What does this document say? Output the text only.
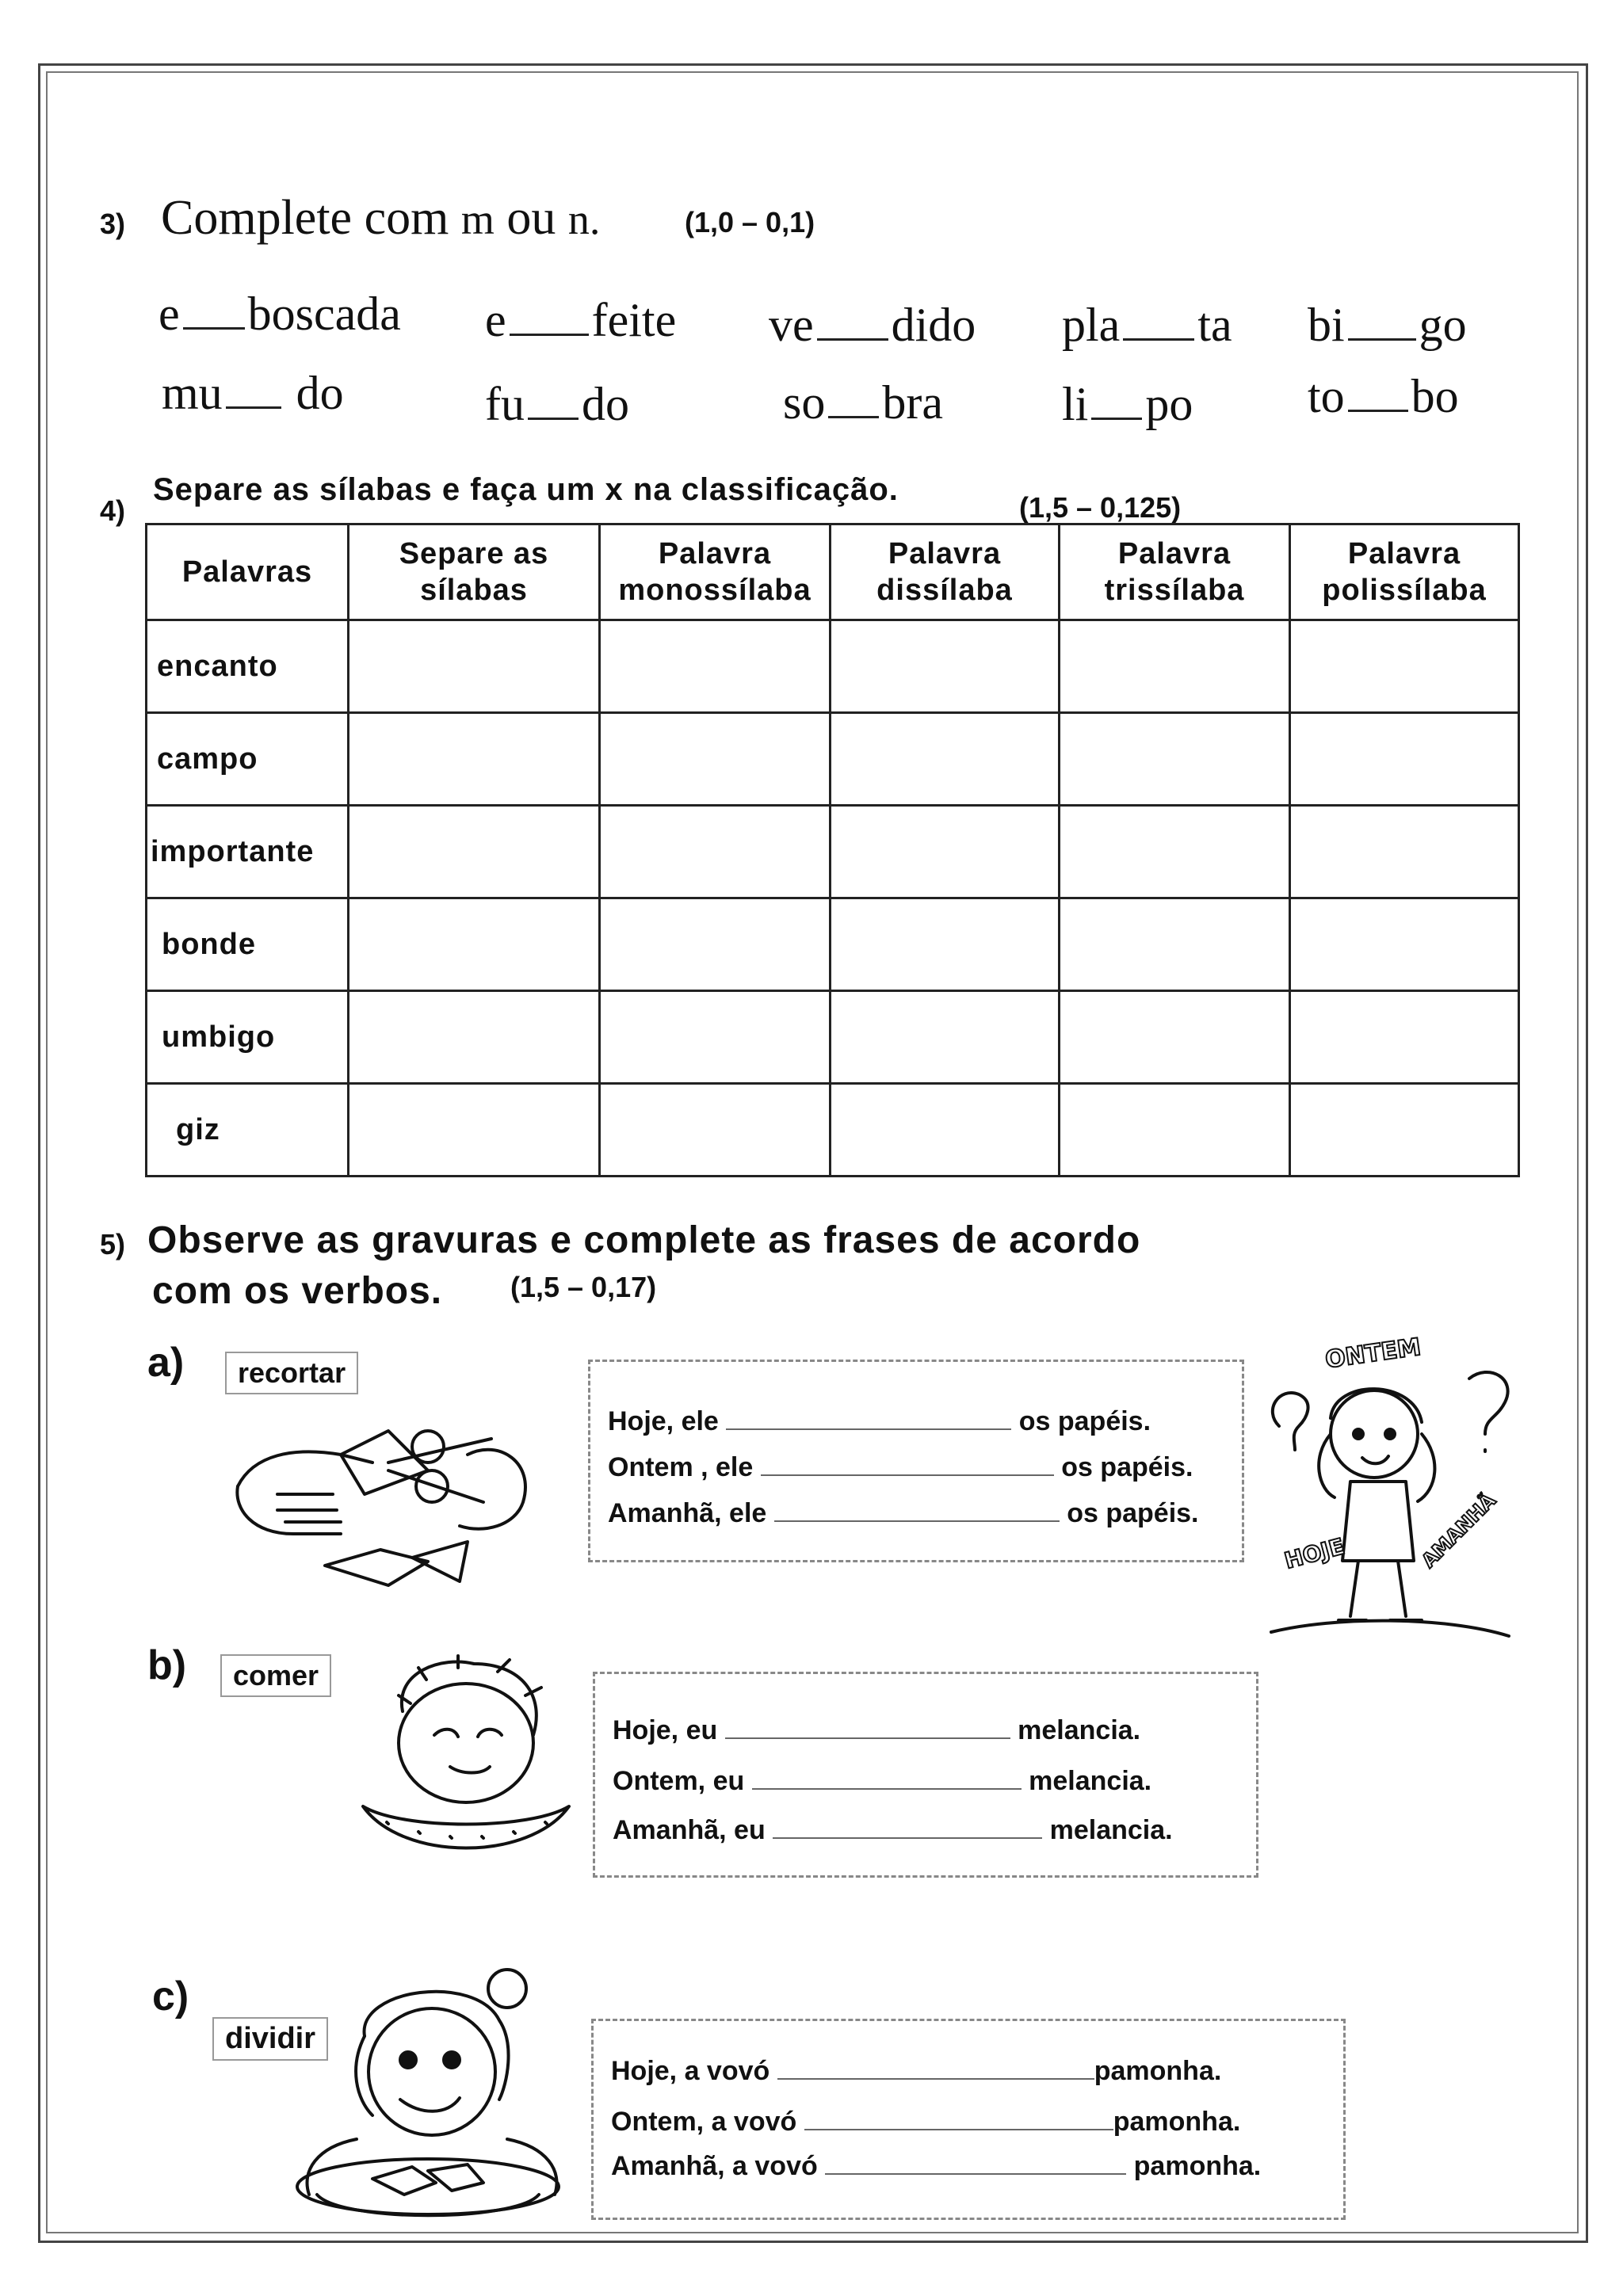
3) Complete com m ou n.	(1,0 – 0,1)
e boscada e feite ve dido pla ta bi go
mu do	fu do	so bra	li po to bo
4)
Separe as sílabas e faça um x na classificação.
(1,5 – 0,125)
Palavras	Separe as sílabas	Palavra monossílaba	Palavra dissílaba	Palavra trissílaba	Palavra polissílaba
encanto					
campo					
importante					
bonde					
umbigo					
giz					
5) Observe as gravuras e complete as frases de acordo
com os verbos. (1,5 – 0,17)
a)	recortar
Hoje, ele	os papéis.
Ontem , ele	os papéis.
Amanhã, ele	os papéis.
ONTEM
HOJE	AMANHÃ
b)	comer
Hoje, eu	melancia.
Ontem, eu	melancia.
Amanhã, eu	melancia.
c)
dividir
Hoje, a vovó	pamonha.
Ontem, a vovó	pamonha.
Amanhã, a vovó	pamonha.
